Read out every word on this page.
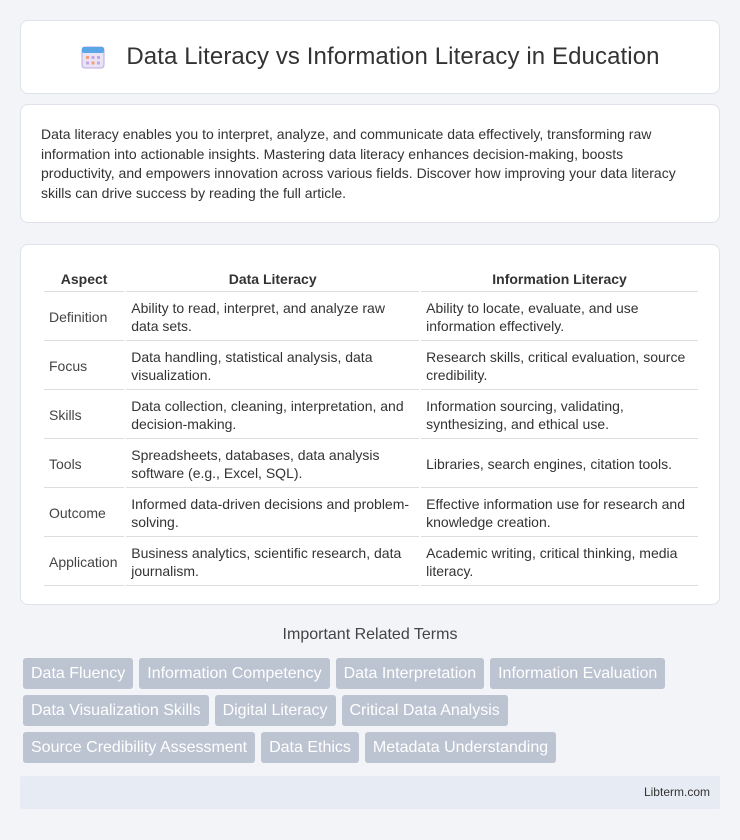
Data Literacy vs Information Literacy in Education

Data literacy enables you to interpret, analyze, and communicate data effectively, transforming raw information into actionable insights. Mastering data literacy enhances decision-making, boosts productivity, and empowers innovation across various fields. Discover how improving your data literacy skills can drive success by reading the full article.

Aspect	Data Literacy	Information Literacy
Definition	Ability to read, interpret, and analyze raw data sets.	Ability to locate, evaluate, and use information effectively.
Focus	Data handling, statistical analysis, data visualization.	Research skills, critical evaluation, source credibility.
Skills	Data collection, cleaning, interpretation, and decision-making.	Information sourcing, validating, synthesizing, and ethical use.
Tools	Spreadsheets, databases, data analysis software (e.g., Excel, SQL).	Libraries, search engines, citation tools.
Outcome	Informed data-driven decisions and problem-solving.	Effective information use for research and knowledge creation.
Application	Business analytics, scientific research, data journalism.	Academic writing, critical thinking, media literacy.
Important Related Terms
Data Fluency	Information Competency	Data Interpretation	Information Evaluation
Data Visualization Skills	Digital Literacy	Critical Data Analysis
Source Credibility Assessment	Data Ethics	Metadata Understanding
Libterm.com
